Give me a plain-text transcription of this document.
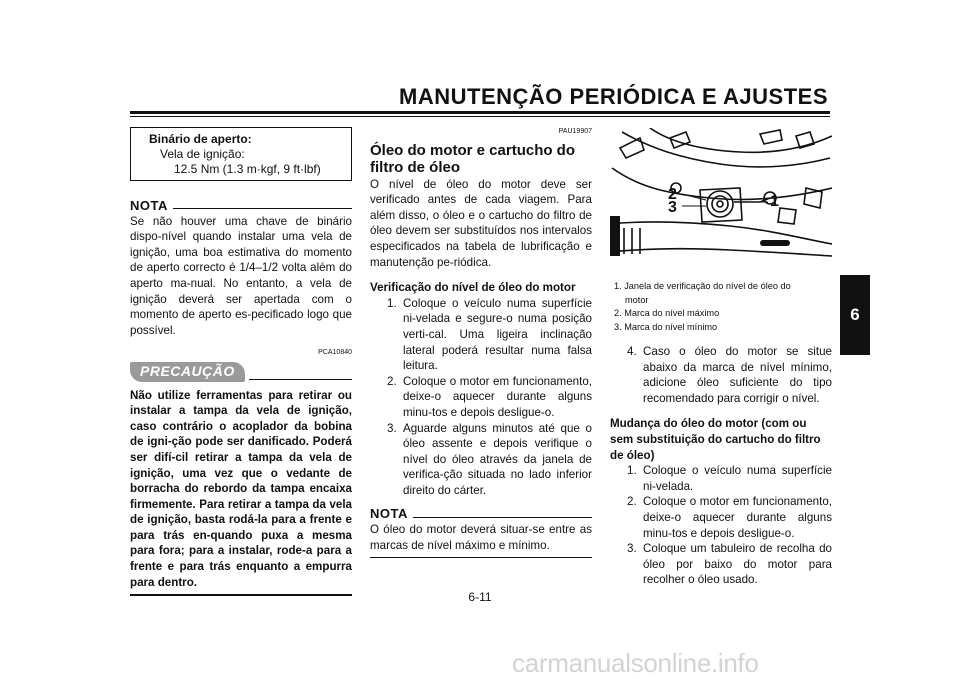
MANUTENÇÃO PERIÓDICA E AJUSTES
6
Binário de aperto:
Vela de ignição:
12.5 Nm (1.3 m·kgf, 9 ft·lbf)
NOTA
Se não houver uma chave de binário dispo-nível quando instalar uma vela de ignição, uma boa estimativa do momento de aperto correcto é 1/4–1/2 volta além do aperto ma-nual. No entanto, a vela de ignição deverá ser apertada com o momento de aperto es-pecificado logo que possível.
PCA10840
PRECAUÇÃO
Não utilize ferramentas para retirar ou instalar a tampa da vela de ignição, caso contrário o acoplador da bobina de igni-ção pode ser danificado. Poderá ser difí-cil retirar a tampa da vela de ignição, uma vez que o vedante de borracha do rebordo da tampa encaixa firmemente. Para retirar a tampa da vela de ignição, basta rodá-la para a frente e para trás en-quando puxa a mesma para fora; para a instalar, rode-a para a frente e para trás enquanto a empurra para dentro.
PAU19907
Óleo do motor e cartucho do
filtro de óleo
O nível de óleo do motor deve ser verificado antes de cada viagem. Para além disso, o óleo e o cartucho do filtro de óleo devem ser substituídos nos intervalos especificados na tabela de lubrificação e manutenção pe-riódica.
Verificação do nível de óleo do motor
1. Coloque o veículo numa superfície ni-velada e segure-o numa posição verti-cal. Uma ligeira inclinação lateral poderá resultar numa falsa leitura.
2. Coloque o motor em funcionamento, deixe-o aquecer durante alguns minu-tos e depois desligue-o.
3. Aguarde alguns minutos até que o óleo assente e depois verifique o nível do óleo através da janela de verifica-ção situada no lado inferior direito do cárter.
NOTA
O óleo do motor deverá situar-se entre as marcas de nível máximo e mínimo.
2
3	1
1. Janela de verificação do nível de óleo do
motor
2. Marca do nível máximo
3. Marca do nível mínimo
4. Caso o óleo do motor se situe abaixo da marca de nível mínimo, adicione óleo suficiente do tipo recomendado para corrigir o nível.
Mudança do óleo do motor (com ou sem substituição do cartucho do filtro de óleo)
1. Coloque o veículo numa superfície ni-velada.
2. Coloque o motor em funcionamento, deixe-o aquecer durante alguns minu-tos e depois desligue-o.
3. Coloque um tabuleiro de recolha do óleo por baixo do motor para recolher o óleo usado.
6-11
carmanualsonline.info
